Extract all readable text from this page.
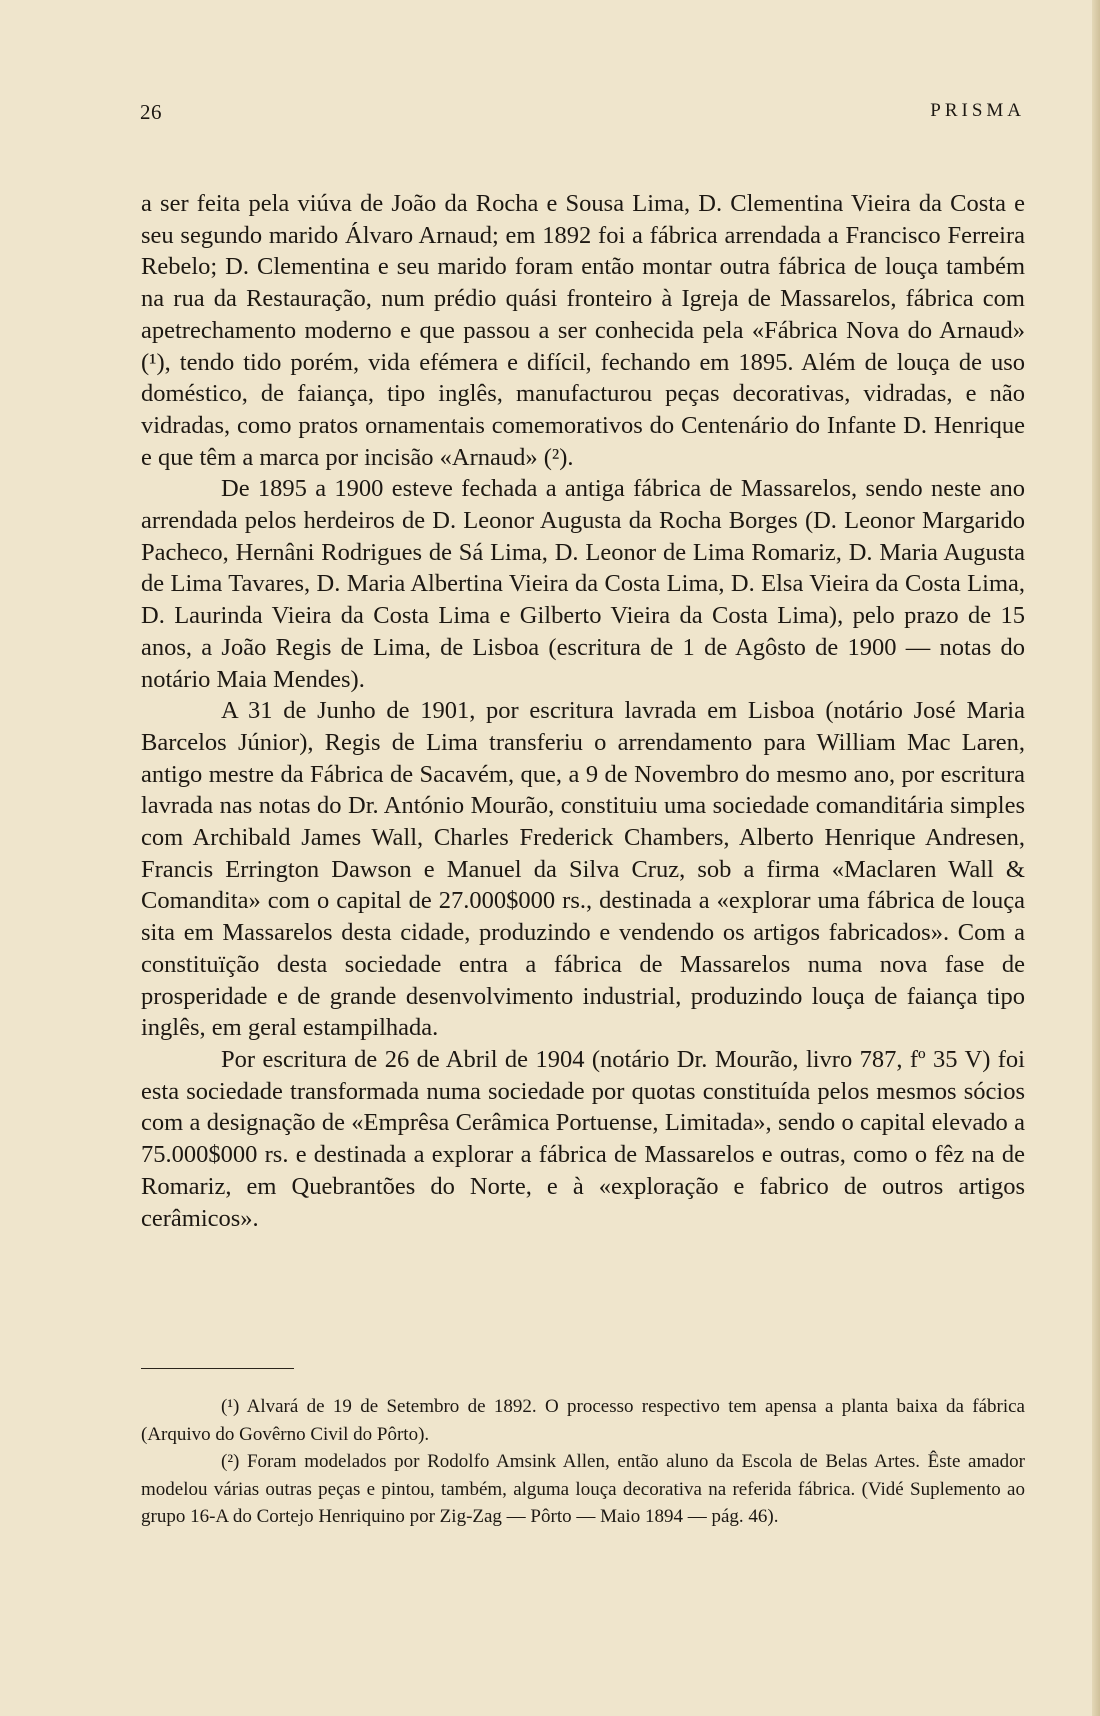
26	PRISMA

a ser feita pela viúva de João da Rocha e Sousa Lima, D. Clementina Vieira da Costa e seu segundo marido Álvaro Arnaud; em 1892 foi a fábrica arrendada a Francisco Ferreira Rebelo; D. Clementina e seu marido foram então montar outra fábrica de louça também na rua da Restauração, num prédio quási fronteiro à Igreja de Massarelos, fábrica com apetrechamento moderno e que passou a ser conhecida pela «Fábrica Nova do Arnaud» (¹), tendo tido porém, vida efémera e difícil, fechando em 1895. Além de louça de uso doméstico, de faiança, tipo inglês, manufacturou peças decorativas, vidradas, e não vidradas, como pratos ornamentais comemorativos do Centenário do Infante D. Henrique e que têm a marca por incisão «Arnaud» (²).

De 1895 a 1900 esteve fechada a antiga fábrica de Massarelos, sendo neste ano arrendada pelos herdeiros de D. Leonor Augusta da Rocha Borges (D. Leonor Margarido Pacheco, Hernâni Rodrigues de Sá Lima, D. Leonor de Lima Romariz, D. Maria Augusta de Lima Tavares, D. Maria Albertina Vieira da Costa Lima, D. Elsa Vieira da Costa Lima, D. Laurinda Vieira da Costa Lima e Gilberto Vieira da Costa Lima), pelo prazo de 15 anos, a João Regis de Lima, de Lisboa (escritura de 1 de Agôsto de 1900 — notas do notário Maia Mendes).

A 31 de Junho de 1901, por escritura lavrada em Lisboa (notário José Maria Barcelos Júnior), Regis de Lima transferiu o arrendamento para William Mac Laren, antigo mestre da Fábrica de Sacavém, que, a 9 de Novembro do mesmo ano, por escritura lavrada nas notas do Dr. António Mourão, constituiu uma sociedade comanditária simples com Archibald James Wall, Charles Frederick Chambers, Alberto Henrique Andresen, Francis Errington Dawson e Manuel da Silva Cruz, sob a firma «Maclaren Wall & Comandita» com o capital de 27.000$000 rs., destinada a «explorar uma fábrica de louça sita em Massarelos desta cidade, produzindo e vendendo os artigos fabricados». Com a constituïção desta sociedade entra a fábrica de Massarelos numa nova fase de prosperidade e de grande desenvolvimento industrial, produzindo louça de faiança tipo inglês, em geral estampilhada.

Por escritura de 26 de Abril de 1904 (notário Dr. Mourão, livro 787, fº 35 V) foi esta sociedade transformada numa sociedade por quotas constituída pelos mesmos sócios com a designação de «Emprêsa Cerâmica Portuense, Limitada», sendo o capital elevado a 75.000$000 rs. e destinada a explorar a fábrica de Massarelos e outras, como o fêz na de Romariz, em Quebrantões do Norte, e à «exploração e fabrico de outros artigos cerâmicos».

(¹) Alvará de 19 de Setembro de 1892. O processo respectivo tem apensa a planta baixa da fábrica (Arquivo do Govêrno Civil do Pôrto).

(²) Foram modelados por Rodolfo Amsink Allen, então aluno da Escola de Belas Artes. Êste amador modelou várias outras peças e pintou, também, alguma louça decorativa na referida fábrica. (Vidé Suplemento ao grupo 16-A do Cortejo Henriquino por Zig-Zag — Pôrto — Maio 1894 — pág. 46).
